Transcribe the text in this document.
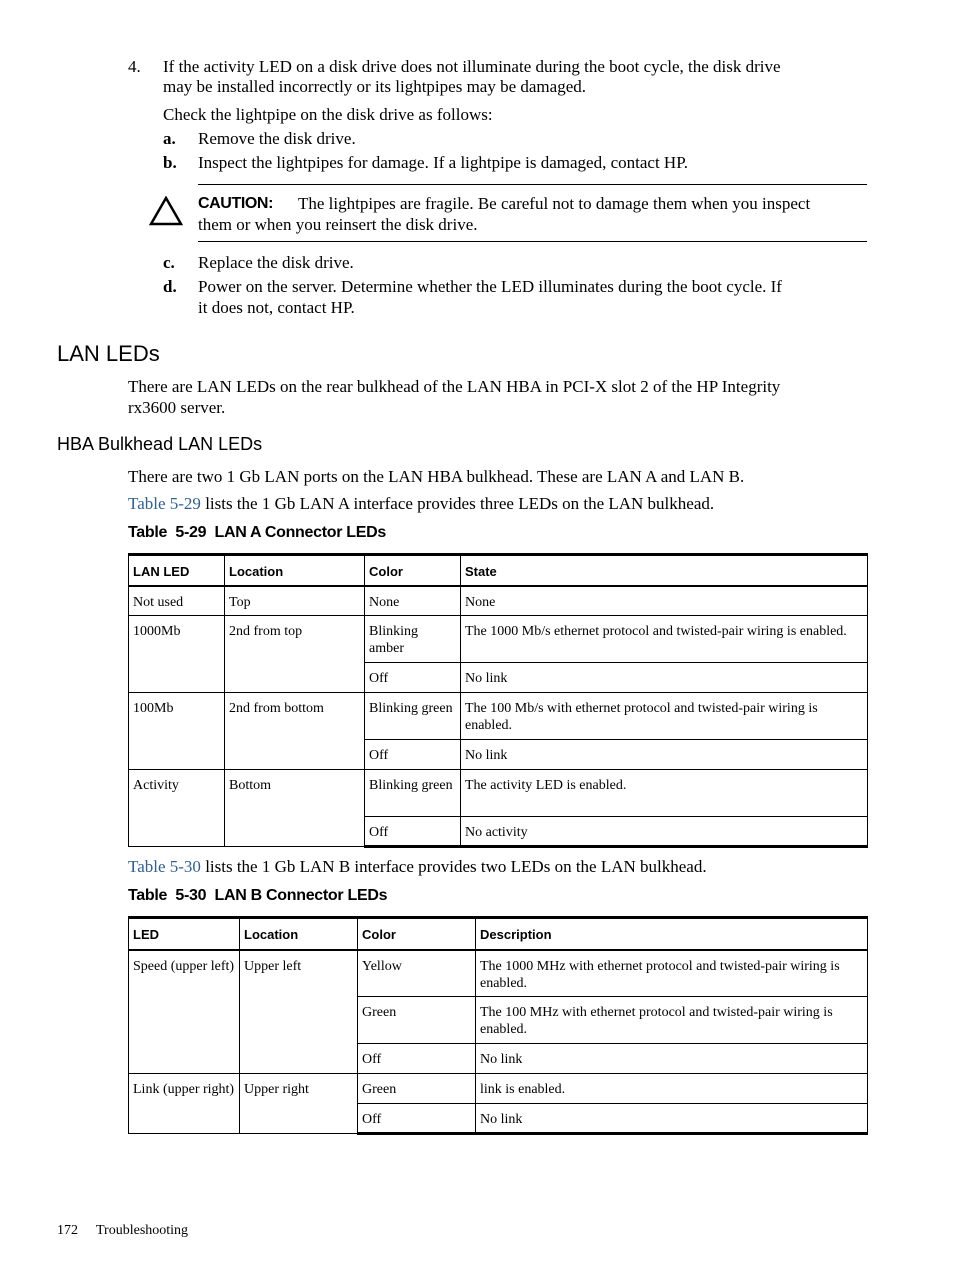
4. If the activity LED on a disk drive does not illuminate during the boot cycle, the disk drive
may be installed incorrectly or its lightpipes may be damaged.
Check the lightpipe on the disk drive as follows:
a. Remove the disk drive.
b. Inspect the lightpipes for damage. If a lightpipe is damaged, contact HP.
CAUTION: The lightpipes are fragile. Be careful not to damage them when you inspect
them or when you reinsert the disk drive.
c. Replace the disk drive.
d. Power on the server. Determine whether the LED illuminates during the boot cycle. If
it does not, contact HP.
LAN LEDs
There are LAN LEDs on the rear bulkhead of the LAN HBA in PCI-X slot 2 of the HP Integrity
rx3600 server.
HBA Bulkhead LAN LEDs
There are two 1 Gb LAN ports on the LAN HBA bulkhead. These are LAN A and LAN B.
Table 5-29 lists the 1 Gb LAN A interface provides three LEDs on the LAN bulkhead.
Table  5-29  LAN A Connector LEDs
LAN LED	Location	Color	State
Not used	Top	None	None
1000Mb	2nd from top	Blinking amber	The 1000 Mb/s ethernet protocol and twisted-pair wiring is enabled.
		Off	No link
100Mb	2nd from bottom	Blinking green	The 100 Mb/s with ethernet protocol and twisted-pair wiring is enabled.
		Off	No link
Activity	Bottom	Blinking green	The activity LED is enabled.
		Off	No activity
Table 5-30 lists the 1 Gb LAN B interface provides two LEDs on the LAN bulkhead.
Table  5-30  LAN B Connector LEDs
LED	Location	Color	Description
Speed (upper left)	Upper left	Yellow	The 1000 MHz with ethernet protocol and twisted-pair wiring is enabled.
		Green	The 100 MHz with ethernet protocol and twisted-pair wiring is enabled.
		Off	No link
Link (upper right)	Upper right	Green	link is enabled.
		Off	No link
172 Troubleshooting
